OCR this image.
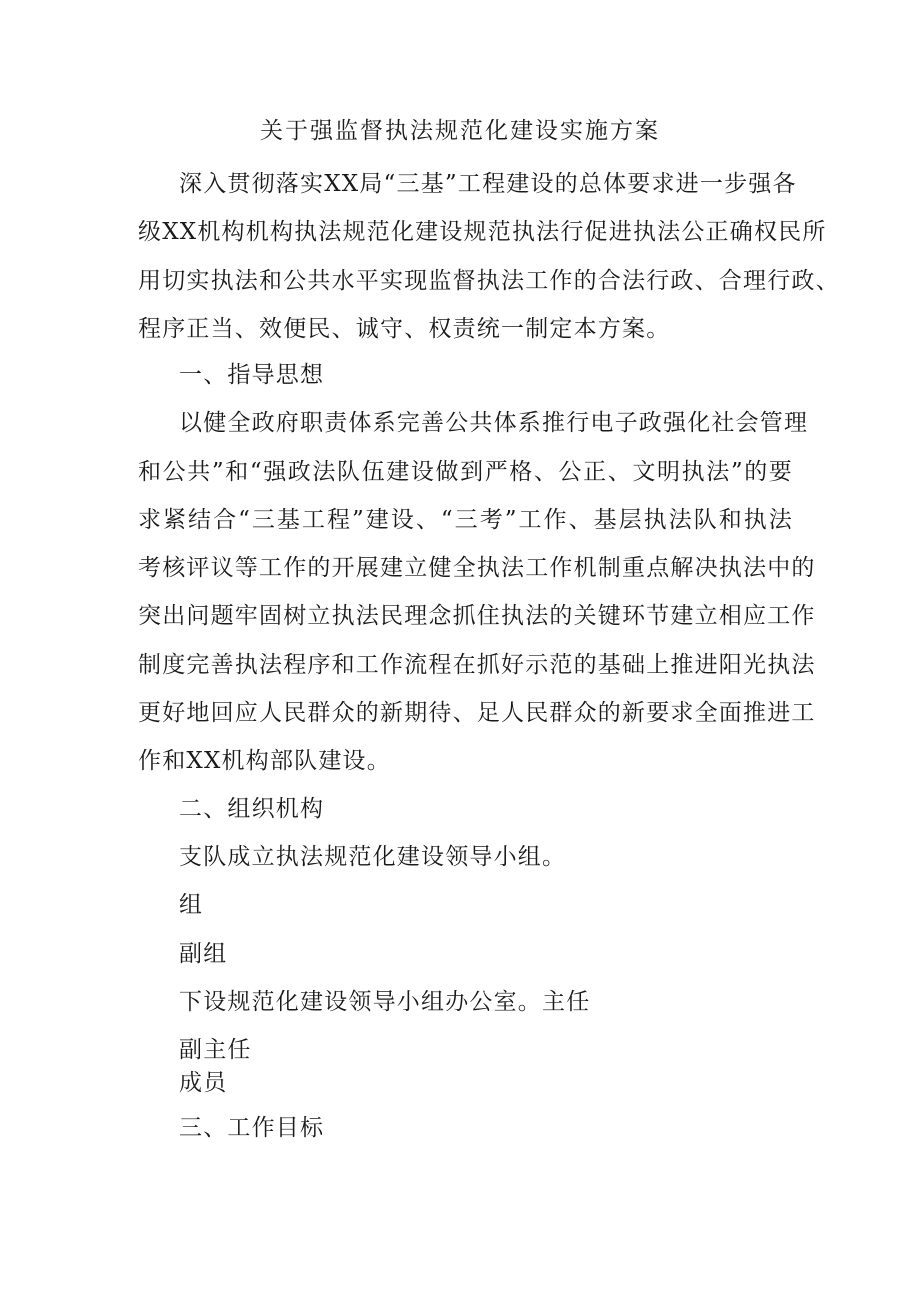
关于强监督执法规范化建设实施方案
深入贯彻落实XX局“三基”工程建设的总体要求进一步强各
级XX机构机构执法规范化建设规范执法行促进执法公正确权民所
用切实执法和公共水平实现监督执法工作的合法行政、合理行政、
程序正当、效便民、诚守、权责统一制定本方案。
一、指导思想
以健全政府职责体系完善公共体系推行电子政强化社会管理
和公共”和“强政法队伍建设做到严格、公正、文明执法”的要
求紧结合“三基工程”建设、“三考”工作、基层执法队和执法
考核评议等工作的开展建立健全执法工作机制重点解决执法中的
突出问题牢固树立执法民理念抓住执法的关键环节建立相应工作
制度完善执法程序和工作流程在抓好示范的基础上推进阳光执法
更好地回应人民群众的新期待、足人民群众的新要求全面推进工
作和XX机构部队建设。
二、组织机构
支队成立执法规范化建设领导小组。
组
副组
下设规范化建设领导小组办公室。主任
副主任
成员
三、工作目标
